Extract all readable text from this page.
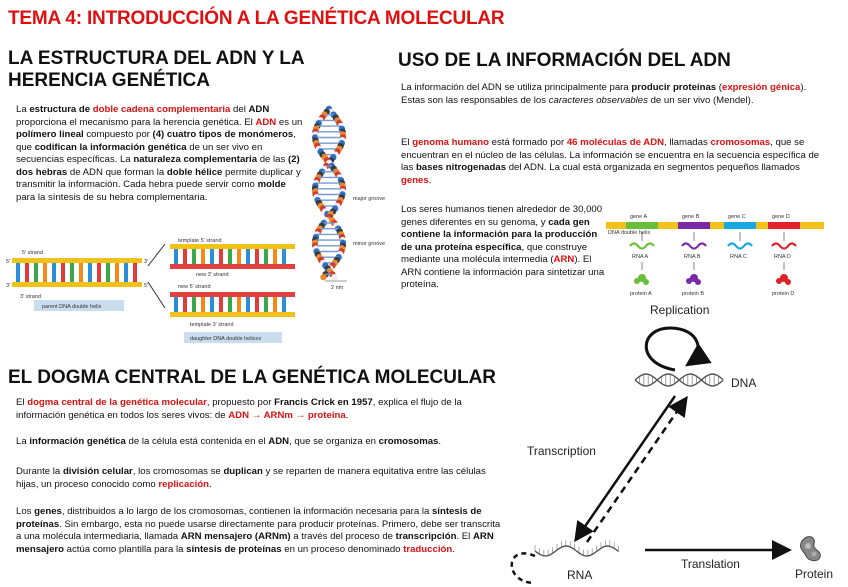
TEMA 4: INTRODUCCIÓN A LA GENÉTICA MOLECULAR
LA ESTRUCTURA DEL ADN Y LA
HERENCIA GENÉTICA
La estructura de doble cadena complementaria del ADN proporciona el mecanismo para la herencia genética. El ADN es un polímero lineal compuesto por (4) cuatro tipos de monómeros, que codifican la información genética de un ser vivo en secuencias específicas. La naturaleza complementaria de las (2) dos hebras de ADN que forman la doble hélice permite duplicar y transmitir la información. Cada hebra puede servir como molde para la síntesis de su hebra complementaria.
5' strand
3' strand
5'	3'
3'	5'
parent DNA double helix
template 5' strand
new 3' strand
new 5' strand
template 3' strand
daughter DNA double helices
major groove
minor groove
2 nm
USO DE LA INFORMACIÓN DEL ADN
La información del ADN se utiliza principalmente para producir proteínas (expresión génica). Estas son las responsables de los caracteres observables de un ser vivo (Mendel).
El genoma humano está formado por 46 moléculas de ADN, llamadas cromosomas, que se encuentran en el núcleo de las células. La información se encuentra en la secuencia específica de las bases nitrogenadas del ADN. La cual está organizada en segmentos pequeños llamados genes.
Los seres humanos tienen alrededor de 30,000 genes diferentes en su genoma, y cada gen contiene la información para la producción de una proteína específica, que construye mediante una molécula intermedia (ARN). El ARN contiene la información para sintetizar una proteína.
gene A
RNA A
gene B
RNA B
gene C
RNA C
gene D
RNA D
protein A	protein B	protein D
DNA double helix
EL DOGMA CENTRAL DE LA GENÉTICA MOLECULAR
El dogma central de la genética molecular, propuesto por Francis Crick en 1957, explica el flujo de la información genética en todos los seres vivos: de ADN → ARNm → proteína.
La información genética de la célula está contenida en el ADN, que se organiza en cromosomas.
Durante la división celular, los cromosomas se duplican y se reparten de manera equitativa entre las células hijas, un proceso conocido como replicación.
Los genes, distribuidos a lo largo de los cromosomas, contienen la información necesaria para la síntesis de proteínas. Sin embargo, esta no puede usarse directamente para producir proteínas. Primero, debe ser transcrita a una molécula intermediaria, llamada ARN mensajero (ARNm) a través del proceso de transcripción. El ARN mensajero actúa como plantilla para la síntesis de proteínas en un proceso denominado traducción.
Replication
DNA
Transcription
RNA
Translation
Protein
